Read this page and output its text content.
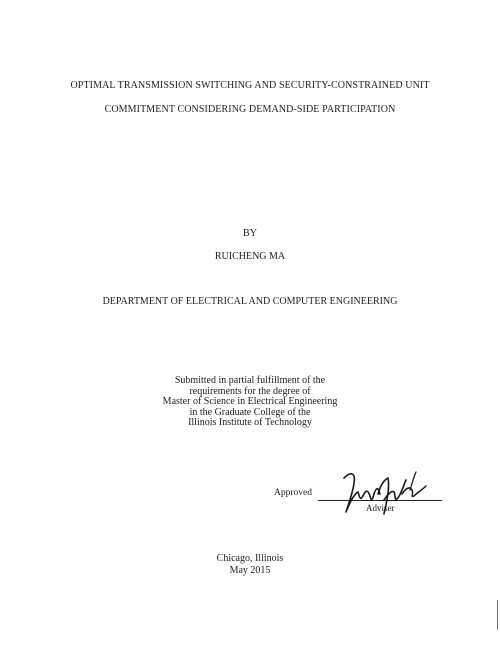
OPTIMAL TRANSMISSION SWITCHING AND SECURITY-CONSTRAINED UNIT
COMMITMENT CONSIDERING DEMAND-SIDE PARTICIPATION
BY
RUICHENG MA
DEPARTMENT OF ELECTRICAL AND COMPUTER ENGINEERING
Submitted in partial fulfillment of the
requirements for the degree of
Master of Science in Electrical Engineering
in the Graduate College of the
Illinois Institute of Technology
Approved
Adviser
Chicago, Illinois
May 2015
